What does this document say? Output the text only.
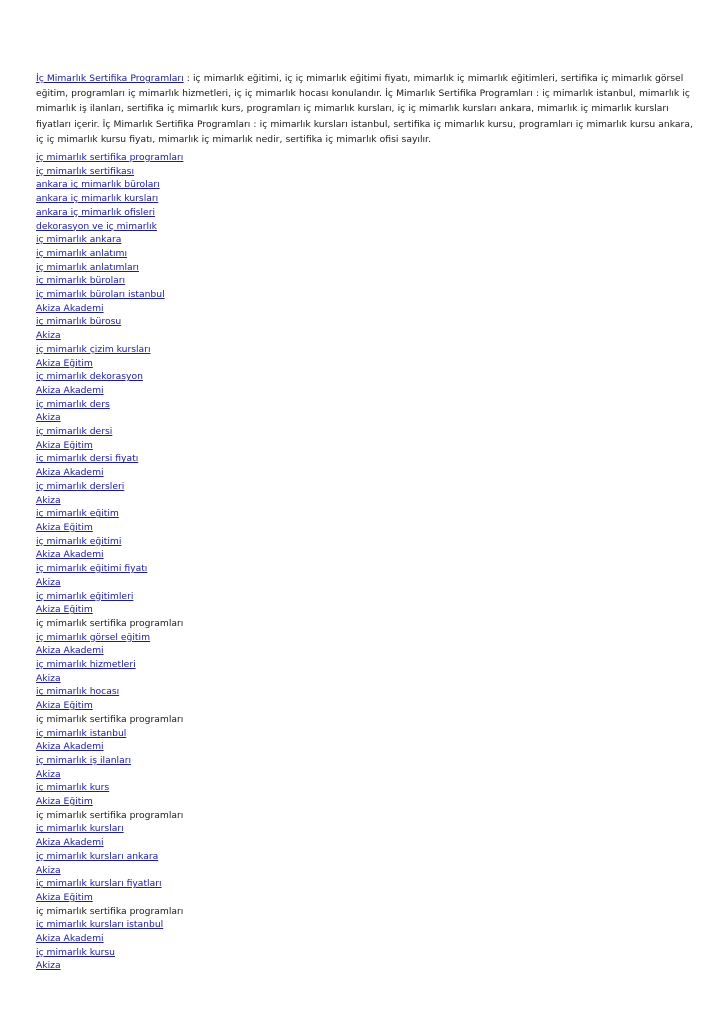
İç Mimarlık Sertifika Programları : iç mimarlık eğitimi, iç iç mimarlık eğitimi fiyatı, mimarlık iç mimarlık eğitimleri, sertifika iç mimarlık görsel eğitim, programları iç mimarlık hizmetleri, iç iç mimarlık hocası konulandır. İç Mimarlık Sertifika Programları : iç mimarlık istanbul, mimarlık iç mimarlık iş ilanları, sertifika iç mimarlık kurs, programları iç mimarlık kursları, iç iç mimarlık kursları ankara, mimarlık iç mimarlık kursları fiyatları içerir. İç Mimarlık Sertifika Programları : iç mimarlık kursları istanbul, sertifika iç mimarlık kursu, programları iç mimarlık kursu ankara, iç iç mimarlık kursu fiyatı, mimarlık iç mimarlık nedir, sertifika iç mimarlık ofisi sayılır.

iç mimarlık sertifika programları
iç mimarlık sertifikası
ankara iç mimarlık büroları
ankara iç mimarlık kursları
ankara iç mimarlık ofisleri
dekorasyon ve iç mimarlık
iç mimarlık ankara
iç mimarlık anlatımı
iç mimarlık anlatımları
iç mimarlık büroları
iç mimarlık büroları istanbul
Akiza Akademi
iç mimarlık bürosu
Akiza
iç mimarlık çizim kursları
Akiza Eğitim
iç mimarlık dekorasyon
Akiza Akademi
iç mimarlık ders
Akiza
iç mimarlık dersi
Akiza Eğitim
iç mimarlık dersi fiyatı
Akiza Akademi
iç mimarlık dersleri
Akiza
iç mimarlık eğitim
Akiza Eğitim
iç mimarlık eğitimi
Akiza Akademi
iç mimarlık eğitimi fiyatı
Akiza
iç mimarlık eğitimleri
Akiza Eğitim
iç mimarlık sertifika programları
iç mimarlık görsel eğitim
Akiza Akademi
iç mimarlık hizmetleri
Akiza
iç mimarlık hocası
Akiza Eğitim
iç mimarlık sertifika programları
iç mimarlık istanbul
Akiza Akademi
iç mimarlık iş ilanları
Akiza
iç mimarlık kurs
Akiza Eğitim
iç mimarlık sertifika programları
iç mimarlık kursları
Akiza Akademi
iç mimarlık kursları ankara
Akiza
iç mimarlık kursları fiyatları
Akiza Eğitim
iç mimarlık sertifika programları
iç mimarlık kursları istanbul
Akiza Akademi
iç mimarlık kursu
Akiza
